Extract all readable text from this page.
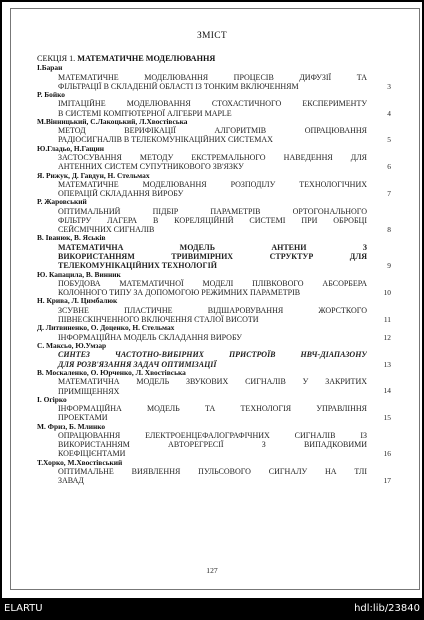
ЗМІСТ
СЕКЦІЯ 1. МАТЕМАТИЧНЕ МОДЕЛЮВАННЯ
І.Баран
МАТЕМАТИЧНЕ МОДЕЛЮВАННЯ ПРОЦЕСІВ ДИФУЗІЇ ТА
ФІЛЬТРАЦІЇ В СКЛАДЕНІЙ ОБЛАСТІ ІЗ ТОНКИМ ВКЛЮЧЕННЯМ	3
Р. Бойко
ІМІТАЦІЙНЕ МОДЕЛЮВАННЯ СТОХАСТИЧНОГО ЕКСПЕРИМЕНТУ
В СИСТЕМІ КОМП'ЮТЕРНОЇ АЛГЕБРИ MAPLE	4
М.Вінницький, С.Лакоцький, Л.Хвостівська
МЕТОД ВЕРИФІКАЦІЇ АЛГОРИТМІВ ОПРАЦЮВАННЯ
РАДІОСИГНАЛІВ В ТЕЛЕКОМУНІКАЦІЙНИХ СИСТЕМАХ	5
Ю.Гладьо, Н.Гащин
ЗАСТОСУВАННЯ МЕТОДУ ЕКСТРЕМАЛЬНОГО НАВЕДЕННЯ ДЛЯ
АНТЕННИХ СИСТЕМ СУПУТНИКОВОГО ЗВ'ЯЗКУ	6
Я. Рижук, Д. Гавдун, Н. Стельмах
МАТЕМАТИЧНЕ МОДЕЛЮВАННЯ РОЗПОДІЛУ ТЕХНОЛОГІЧНИХ
ОПЕРАЦІЙ СКЛАДАННЯ ВИРОБУ	7
Р. Жаровський
ОПТИМАЛЬНИЙ ПІДБІР ПАРАМЕТРІВ ОРТОГОНАЛЬНОГО
ФІЛЬТРУ ЛАГЕРА В КОРЕЛЯЦІЙНІЙ СИСТЕМІ ПРИ ОБРОБЦІ
СЕЙСМІЧНИХ СИГНАЛІВ	8
В. Іванюк, В. Яськів
МАТЕМАТИЧНА МОДЕЛЬ АНТЕНИ З
ВИКОРИСТАННЯМ ТРИВИМІРНИХ СТРУКТУР ДЛЯ
ТЕЛЕКОМУНІКАЦІЙНИХ ТЕХНОЛОГІЙ	9
Ю. Капацила, В. Винник
ПОБУДОВА МАТЕМАТИЧНОЇ МОДЕЛІ ПЛІВКОВОГО АБСОРБЕРА
КОЛОННОГО ТИПУ ЗА ДОПОМОГОЮ РЕЖИМНИХ ПАРАМЕТРІВ	10
Н. Крива, Л. Цимбалюк
ЗСУВНЕ ПЛАСТИЧНЕ ВІДШАРОВУВАННЯ ЖОРСТКОГО
ПІВНЕСКІНЧЕННОГО ВКЛЮЧЕННЯ СТАЛОЇ ВИСОТИ	11
Д. Литвиненко, О. Доценко, Н. Стельмах
ІНФОРМАЦІЙНА МОДЕЛЬ СКЛАДАННЯ ВИРОБУ	12
С. Максьо, Ю.Умзар
СИНТЕЗ ЧАСТОТНО-ВИБІРНИХ ПРИСТРОЇВ НВЧ-ДІАПАЗОНУ
ДЛЯ РОЗВ'ЯЗАННЯ ЗАДАЧ ОПТИМІЗАЦІЇ	13
В. Москаленко, О. Юрченко, Л. Хвостівська
МАТЕМАТИЧНА МОДЕЛЬ ЗВУКОВИХ СИГНАЛІВ У ЗАКРИТИХ
ПРИМІЩЕННЯХ	14
І. Огірко
ІНФОРМАЦІЙНА МОДЕЛЬ ТА ТЕХНОЛОГІЯ УПРАВЛІННЯ
ПРОЕКТАМИ	15
М. Фриз, Б. Млинко
ОПРАЦЮВАННЯ ЕЛЕКТРОЕНЦЕФАЛОГРАФІЧНИХ СИГНАЛІВ ІЗ
ВИКОРИСТАННЯМ АВТОРЕГРЕСІЇ З ВИПАДКОВИМИ
КОЕФІЦІЄНТАМИ	16
Т.Хорко, М.Хвостівський
ОПТИМАЛЬНЕ ВИЯВЛЕННЯ ПУЛЬСОВОГО СИГНАЛУ НА ТЛІ
ЗАВАД	17
127
ELARTU	hdl:lib/23840
